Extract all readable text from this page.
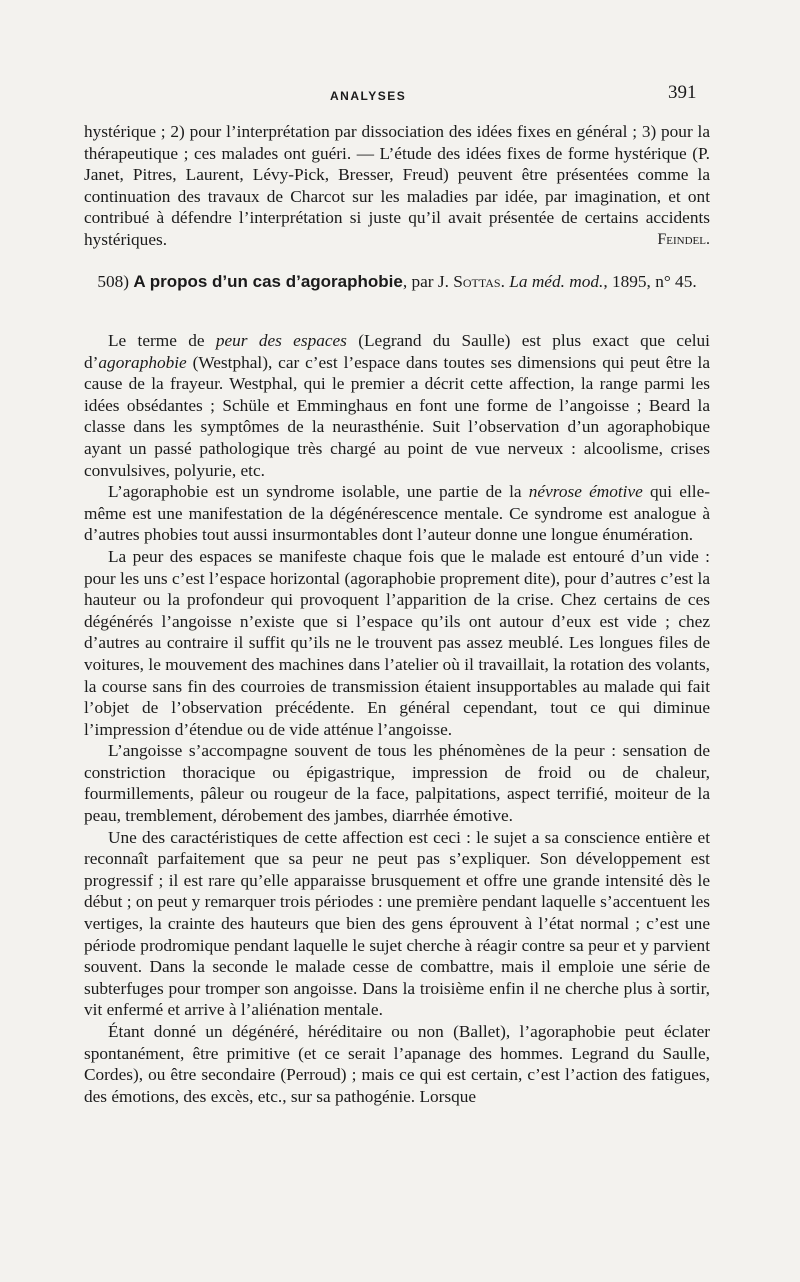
ANALYSES	391
hystérique ; 2) pour l’interprétation par dissociation des idées fixes en général ; 3) pour la thérapeutique ; ces malades ont guéri. — L’étude des idées fixes de forme hystérique (P. Janet, Pitres, Laurent, Lévy-Pick, Bresser, Freud) peuvent être présentées comme la continuation des travaux de Charcot sur les maladies par idée, par imagination, et ont contribué à défendre l’interprétation si juste qu’il avait présentée de certains accidents hystériques.	Feindel.
508) A propos d’un cas d’agoraphobie, par J. Sottas. La méd. mod., 1895, n° 45.

Le terme de peur des espaces (Legrand du Saulle) est plus exact que celui d’agoraphobie (Westphal), car c’est l’espace dans toutes ses dimensions qui peut être la cause de la frayeur. Westphal, qui le premier a décrit cette affection, la range parmi les idées obsédantes ; Schüle et Emminghaus en font une forme de l’angoisse ; Beard la classe dans les symptômes de la neurasthénie. Suit l’observation d’un agoraphobique ayant un passé pathologique très chargé au point de vue nerveux : alcoolisme, crises convulsives, polyurie, etc.

L’agoraphobie est un syndrome isolable, une partie de la névrose émotive qui elle-même est une manifestation de la dégénérescence mentale. Ce syndrome est analogue à d’autres phobies tout aussi insurmontables dont l’auteur donne une longue énumération.

La peur des espaces se manifeste chaque fois que le malade est entouré d’un vide : pour les uns c’est l’espace horizontal (agoraphobie proprement dite), pour d’autres c’est la hauteur ou la profondeur qui provoquent l’apparition de la crise. Chez certains de ces dégénérés l’angoisse n’existe que si l’espace qu’ils ont autour d’eux est vide ; chez d’autres au contraire il suffit qu’ils ne le trouvent pas assez meublé. Les longues files de voitures, le mouvement des machines dans l’atelier où il travaillait, la rotation des volants, la course sans fin des courroies de transmission étaient insupportables au malade qui fait l’objet de l’observation précédente. En général cependant, tout ce qui diminue l’impression d’étendue ou de vide atténue l’angoisse.

L’angoisse s’accompagne souvent de tous les phénomènes de la peur : sensation de constriction thoracique ou épigastrique, impression de froid ou de chaleur, fourmillements, pâleur ou rougeur de la face, palpitations, aspect terrifié, moiteur de la peau, tremblement, dérobement des jambes, diarrhée émotive.

Une des caractéristiques de cette affection est ceci : le sujet a sa conscience entière et reconnaît parfaitement que sa peur ne peut pas s’expliquer. Son développement est progressif ; il est rare qu’elle apparaisse brusquement et offre une grande intensité dès le début ; on peut y remarquer trois périodes : une première pendant laquelle s’accentuent les vertiges, la crainte des hauteurs que bien des gens éprouvent à l’état normal ; c’est une période prodromique pendant laquelle le sujet cherche à réagir contre sa peur et y parvient souvent. Dans la seconde le malade cesse de combattre, mais il emploie une série de subterfuges pour tromper son angoisse. Dans la troisième enfin il ne cherche plus à sortir, vit enfermé et arrive à l’aliénation mentale.

Étant donné un dégénéré, héréditaire ou non (Ballet), l’agoraphobie peut éclater spontanément, être primitive (et ce serait l’apanage des hommes. Legrand du Saulle, Cordes), ou être secondaire (Perroud) ; mais ce qui est certain, c’est l’action des fatigues, des émotions, des excès, etc., sur sa pathogénie. Lorsque
